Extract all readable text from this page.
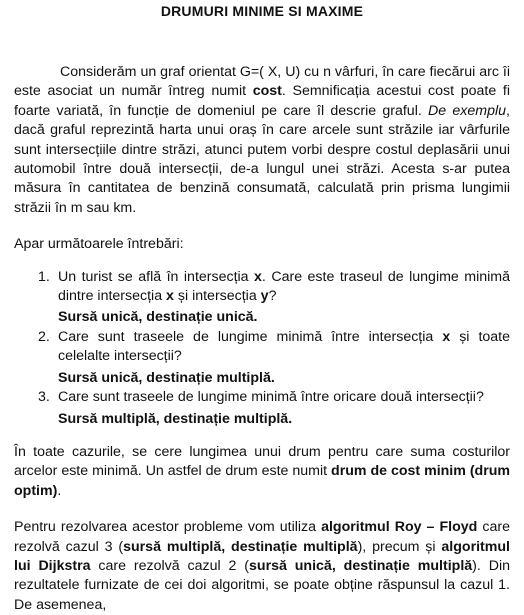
DRUMURI MINIME SI MAXIME

Considerăm un graf orientat G=( X, U) cu n vârfuri, în care fiecărui arc îi este asociat un număr întreg numit cost. Semnificația acestui cost poate fi foarte variată, în funcție de domeniul pe care îl descrie graful. De exemplu, dacă graful reprezintă harta unui oraș în care arcele sunt străzile iar vârfurile sunt intersecțiile dintre străzi, atunci putem vorbi despre costul deplasării unui automobil între două intersecții, de-a lungul unei străzi. Acesta s-ar putea măsura în cantitatea de benzină consumată, calculată prin prisma lungimii străzii în m sau km.

Apar următoarele întrebări:

1. Un turist se află în intersecția x. Care este traseul de lungime minimă dintre intersecția x și intersecția y?
Sursă unică, destinație unică.
2. Care sunt traseele de lungime minimă între intersecția x și toate celelalte intersecții?
Sursă unică, destinație multiplă.
3. Care sunt traseele de lungime minimă între oricare două intersecții?
Sursă multiplă, destinație multiplă.

În toate cazurile, se cere lungimea unui drum pentru care suma costurilor arcelor este minimă. Un astfel de drum este numit drum de cost minim (drum optim).

Pentru rezolvarea acestor probleme vom utiliza algoritmul Roy – Floyd care rezolvă cazul 3 (sursă multiplă, destinație multiplă), precum și algoritmul lui Dijkstra care rezolvă cazul 2 (sursă unică, destinație multiplă). Din rezultatele furnizate de cei doi algoritmi, se poate obține răspunsul la cazul 1. De asemenea,
